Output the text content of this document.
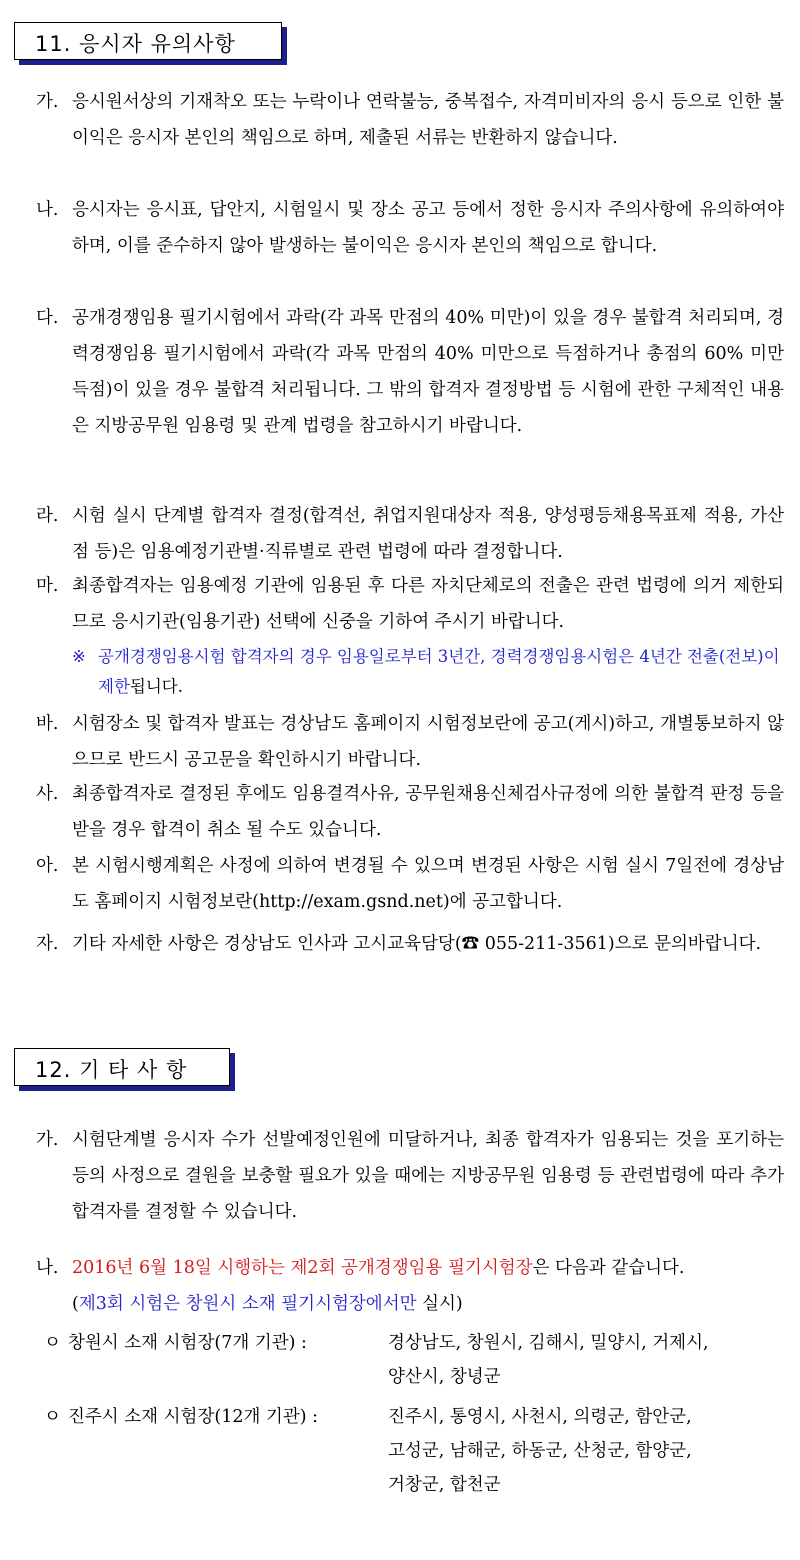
11. 응시자 유의사항
가. 응시원서상의 기재착오 또는 누락이나 연락불능, 중복접수, 자격미비자의 응시 등으로 인한 불이익은 응시자 본인의 책임으로 하며, 제출된 서류는 반환하지 않습니다.
나. 응시자는 응시표, 답안지, 시험일시 및 장소 공고 등에서 정한 응시자 주의사항에 유의하여야 하며, 이를 준수하지 않아 발생하는 불이익은 응시자 본인의 책임으로 합니다.
다. 공개경쟁임용 필기시험에서 과락(각 과목 만점의 40% 미만)이 있을 경우 불합격 처리되며, 경력경쟁임용 필기시험에서 과락(각 과목 만점의 40% 미만으로 득점하거나 총점의 60% 미만 득점)이 있을 경우 불합격 처리됩니다. 그 밖의 합격자 결정방법 등 시험에 관한 구체적인 내용은 지방공무원 임용령 및 관계 법령을 참고하시기 바랍니다.
라. 시험 실시 단계별 합격자 결정(합격선, 취업지원대상자 적용, 양성평등채용목표제 적용, 가산점 등)은 임용예정기관별·직류별로 관련 법령에 따라 결정합니다.
마. 최종합격자는 임용예정 기관에 임용된 후 다른 자치단체로의 전출은 관련 법령에 의거 제한되므로 응시기관(임용기관) 선택에 신중을 기하여 주시기 바랍니다.
※ 공개경쟁임용시험 합격자의 경우 임용일로부터 3년간, 경력경쟁임용시험은 4년간 전출(전보)이 제한됩니다.
바. 시험장소 및 합격자 발표는 경상남도 홈페이지 시험정보란에 공고(게시)하고, 개별통보하지 않으므로 반드시 공고문을 확인하시기 바랍니다.
사. 최종합격자로 결정된 후에도 임용결격사유, 공무원채용신체검사규정에 의한 불합격 판정 등을 받을 경우 합격이 취소 될 수도 있습니다.
아. 본 시험시행계획은 사정에 의하여 변경될 수 있으며 변경된 사항은 시험 실시 7일전에 경상남도 홈페이지 시험정보란(http://exam.gsnd.net)에 공고합니다.
자. 기타 자세한 사항은 경상남도 인사과 고시교육담당(☎ 055-211-3561)으로 문의바랍니다.
12. 기 타 사 항
가. 시험단계별 응시자 수가 선발예정인원에 미달하거나, 최종 합격자가 임용되는 것을 포기하는 등의 사정으로 결원을 보충할 필요가 있을 때에는 지방공무원 임용령 등 관련법령에 따라 추가 합격자를 결정할 수 있습니다.
나. 2016년 6월 18일 시행하는 제2회 공개경쟁임용 필기시험장은 다음과 같습니다.
(제3회 시험은 창원시 소재 필기시험장에서만 실시)
ㅇ 창원시 소재 시험장(7개 기관) :	경상남도, 창원시, 김해시, 밀양시, 거제시,
양산시, 창녕군
ㅇ 진주시 소재 시험장(12개 기관) :	진주시, 통영시, 사천시, 의령군, 함안군,
고성군, 남해군, 하동군, 산청군, 함양군,
거창군, 합천군
